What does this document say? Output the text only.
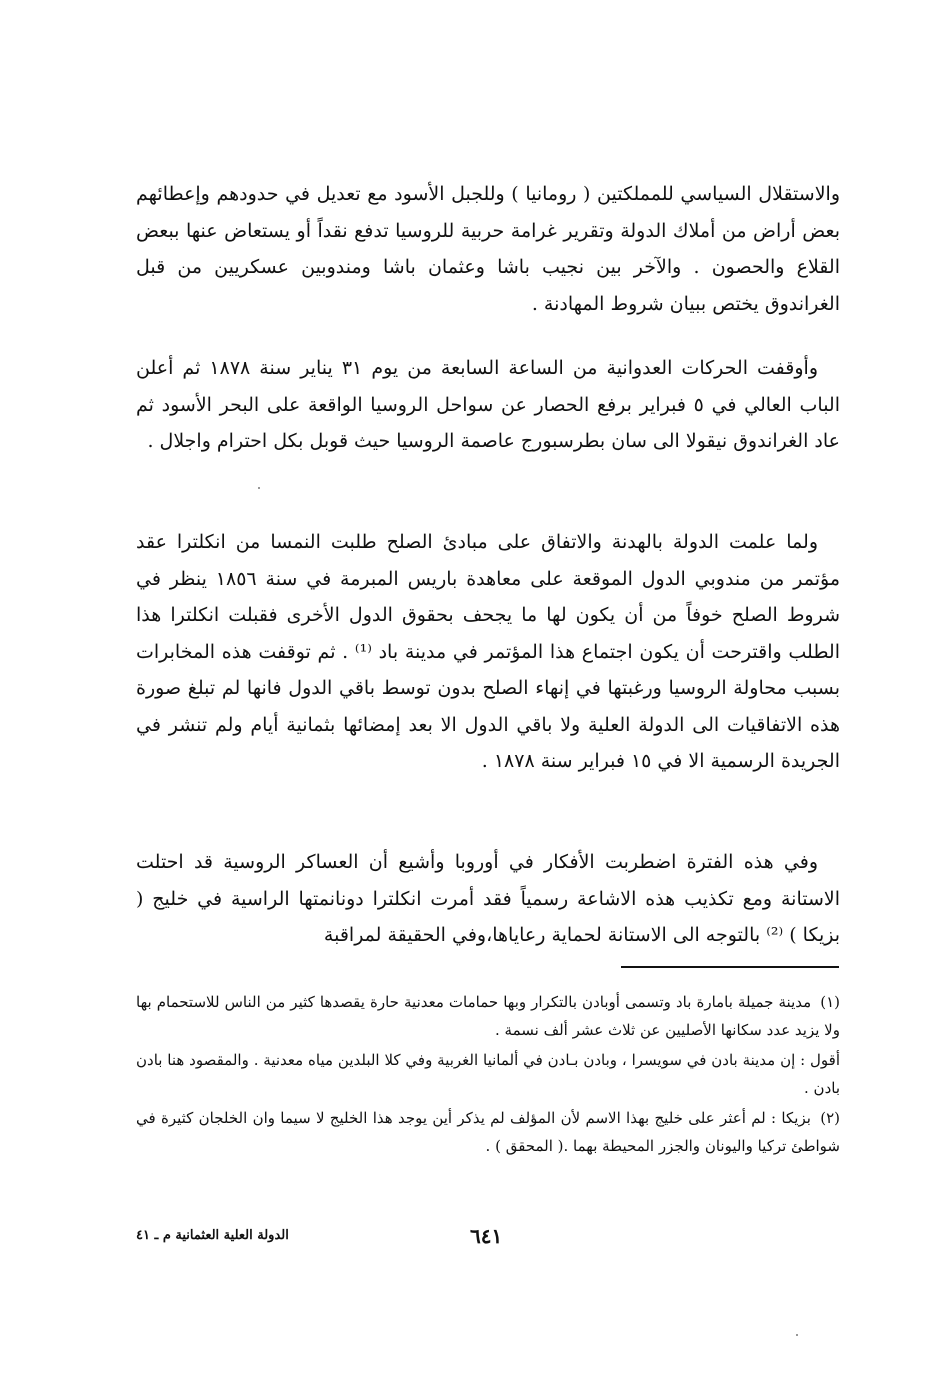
والاستقلال السياسي للمملكتين ( رومانيا ) وللجبل الأسود مع تعديل في حدودهم وإعطائهم بعض أراض من أملاك الدولة وتقرير غرامة حربية للروسيا تدفع نقداً أو يستعاض عنها ببعض القلاع والحصون . والآخر بين نجيب باشا وعثمان باشا ومندوبين عسكريين من قبل الغراندوق يختص ببيان شروط المهادنة .

وأوقفت الحركات العدوانية من الساعة السابعة من يوم ٣١ يناير سنة ١٨٧٨ ثم أعلن الباب العالي في ٥ فبراير برفع الحصار عن سواحل الروسيا الواقعة على البحر الأسود ثم عاد الغراندوق نيقولا الى سان بطرسبورج عاصمة الروسيا حيث قوبل بكل احترام واجلال .

ولما علمت الدولة بالهدنة والاتفاق على مبادئ الصلح طلبت النمسا من انكلترا عقد مؤتمر من مندوبي الدول الموقعة على معاهدة باريس المبرمة في سنة ١٨٥٦ ينظر في شروط الصلح خوفاً من أن يكون لها ما يجحف بحقوق الدول الأخرى فقبلت انكلترا هذا الطلب واقترحت أن يكون اجتماع هذا المؤتمر في مدينة باد ⁽¹⁾ . ثم توقفت هذه المخابرات بسبب محاولة الروسيا ورغبتها في إنهاء الصلح بدون توسط باقي الدول فانها لم تبلغ صورة هذه الاتفاقيات الى الدولة العلية ولا باقي الدول الا بعد إمضائها بثمانية أيام ولم تنشر في الجريدة الرسمية الا في ١٥ فبراير سنة ١٨٧٨ .

وفي هذه الفترة اضطربت الأفكار في أوروبا وأشيع أن العساكر الروسية قد احتلت الاستانة ومع تكذيب هذه الاشاعة رسمياً فقد أمرت انكلترا دونانمتها الراسية في خليج ( بزيكا ) ⁽²⁾ بالتوجه الى الاستانة لحماية رعاياها،وفي الحقيقة لمراقبة

(١) مدينة جميلة بامارة باد وتسمى أوبادن بالتكرار وبها حمامات معدنية حارة يقصدها كثير من الناس للاستحمام بها ولا يزيد عدد سكانها الأصليين عن ثلاث عشر ألف نسمة .

أقول : إن مدينة بادن في سويسرا ، وبادن بـادن في ألمانيا الغربية وفي كلا البلدين مياه معدنية . والمقصود هنا بادن بادن .

(٢) بزيكا : لم أعثر على خليج بهذا الاسم لأن المؤلف لم يذكر أين يوجد هذا الخليج لا سيما وان الخلجان كثيرة في شواطئ تركيا واليونان والجزر المحيطة بهما .( المحقق ) .

الدولة العلية العثمانية م ـ ٤١	٦٤١
